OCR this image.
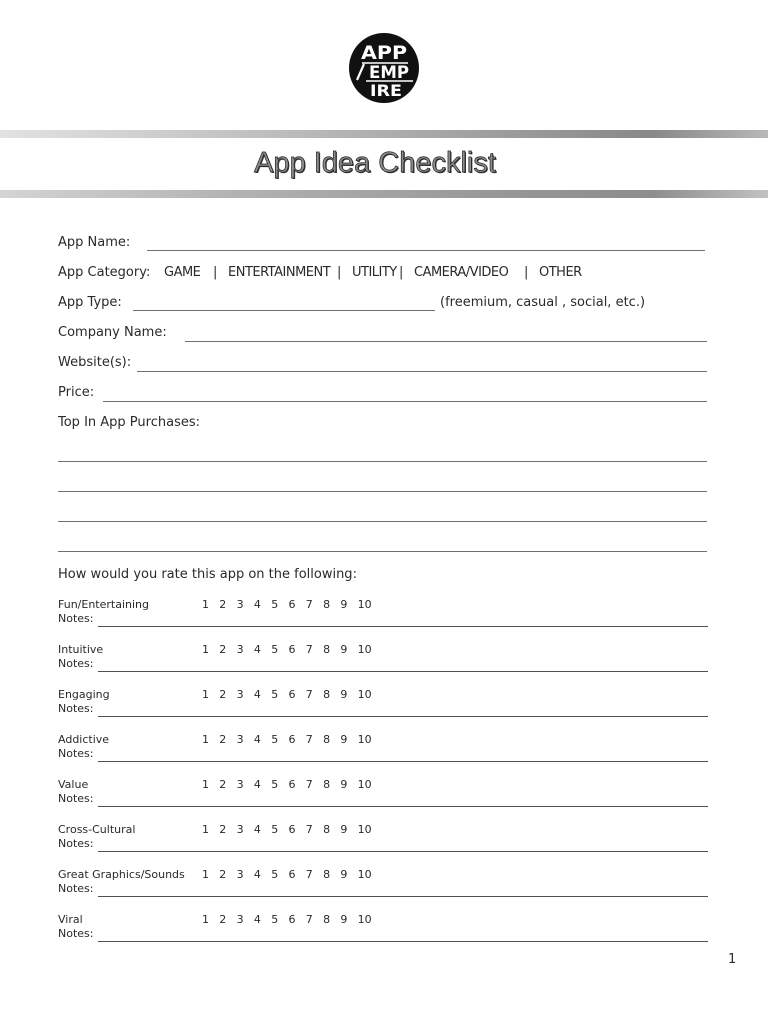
APP
EMP
IRE
App Idea Checklist
App Name:
App Category: GAME | ENTERTAINMENT | UTILITY | CAMERA/VIDEO | OTHER
App Type:	(freemium, casual , social, etc.)
Company Name:
Website(s):
Price:
Top In App Purchases:
How would you rate this app on the following:
Fun/Entertaining	1 2 3 4 5 6 7 8 9 10
Notes:
Intuitive	1 2 3 4 5 6 7 8 9 10
Notes:
Engaging	1 2 3 4 5 6 7 8 9 10
Notes:
Addictive	1 2 3 4 5 6 7 8 9 10
Notes:
Value	1 2 3 4 5 6 7 8 9 10
Notes:
Cross-Cultural	1 2 3 4 5 6 7 8 9 10
Notes:
Great Graphics/Sounds 1 2 3 4 5 6 7 8 9 10
Notes:
Viral	1 2 3 4 5 6 7 8 9 10
Notes:
1
